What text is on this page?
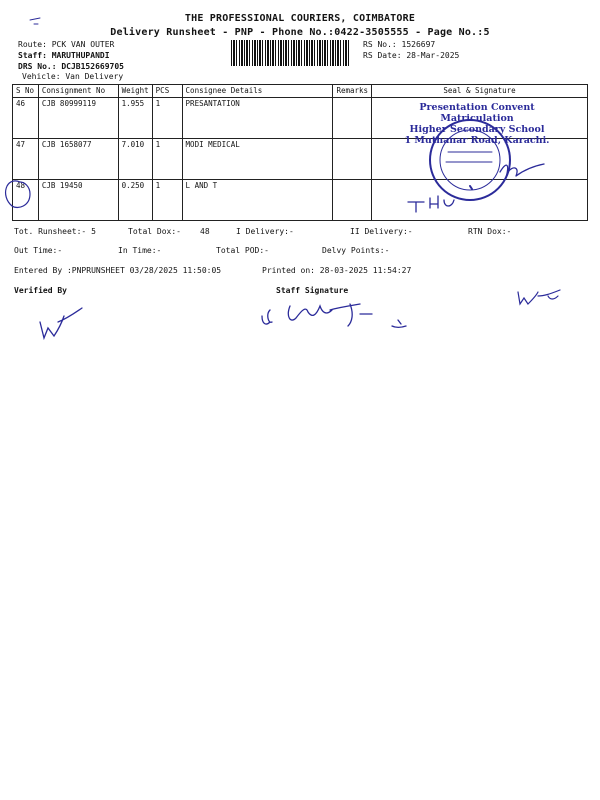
THE PROFESSIONAL COURIERS, COIMBATORE
Delivery Runsheet - PNP - Phone No.:0422-3505555 - Page No.:5
Route: PCK VAN OUTER
Staff: MARUTHUPANDI
DRS No.: DCJB152669705
Vehicle: Van Delivery
RS No.: 1526697
RS Date: 28-Mar-2025
S No	Consignment No	Weight	PCS	Consignee Details	Remarks	Seal & Signature
46	CJB 80999119	1.955	1	PRESANTATION		
47	CJB 1658077	7.010	1	MODI MEDICAL		
48	CJB 19450	0.250	1	L AND T		
Presentation Convent Matriculation
Higher Secondary School
1 Muthanar Road, Karachi.
Tot. Runsheet:- 5	Total Dox:- 48	I Delivery:-	II Delivery:-	RTN Dox:-
Out Time:-	In Time:-	Total POD:-	Delvy Points:-
Entered By :PNPRUNSHEET 03/28/2025 11:50:05	Printed on: 28-03-2025 11:54:27
Verified By	Staff Signature
